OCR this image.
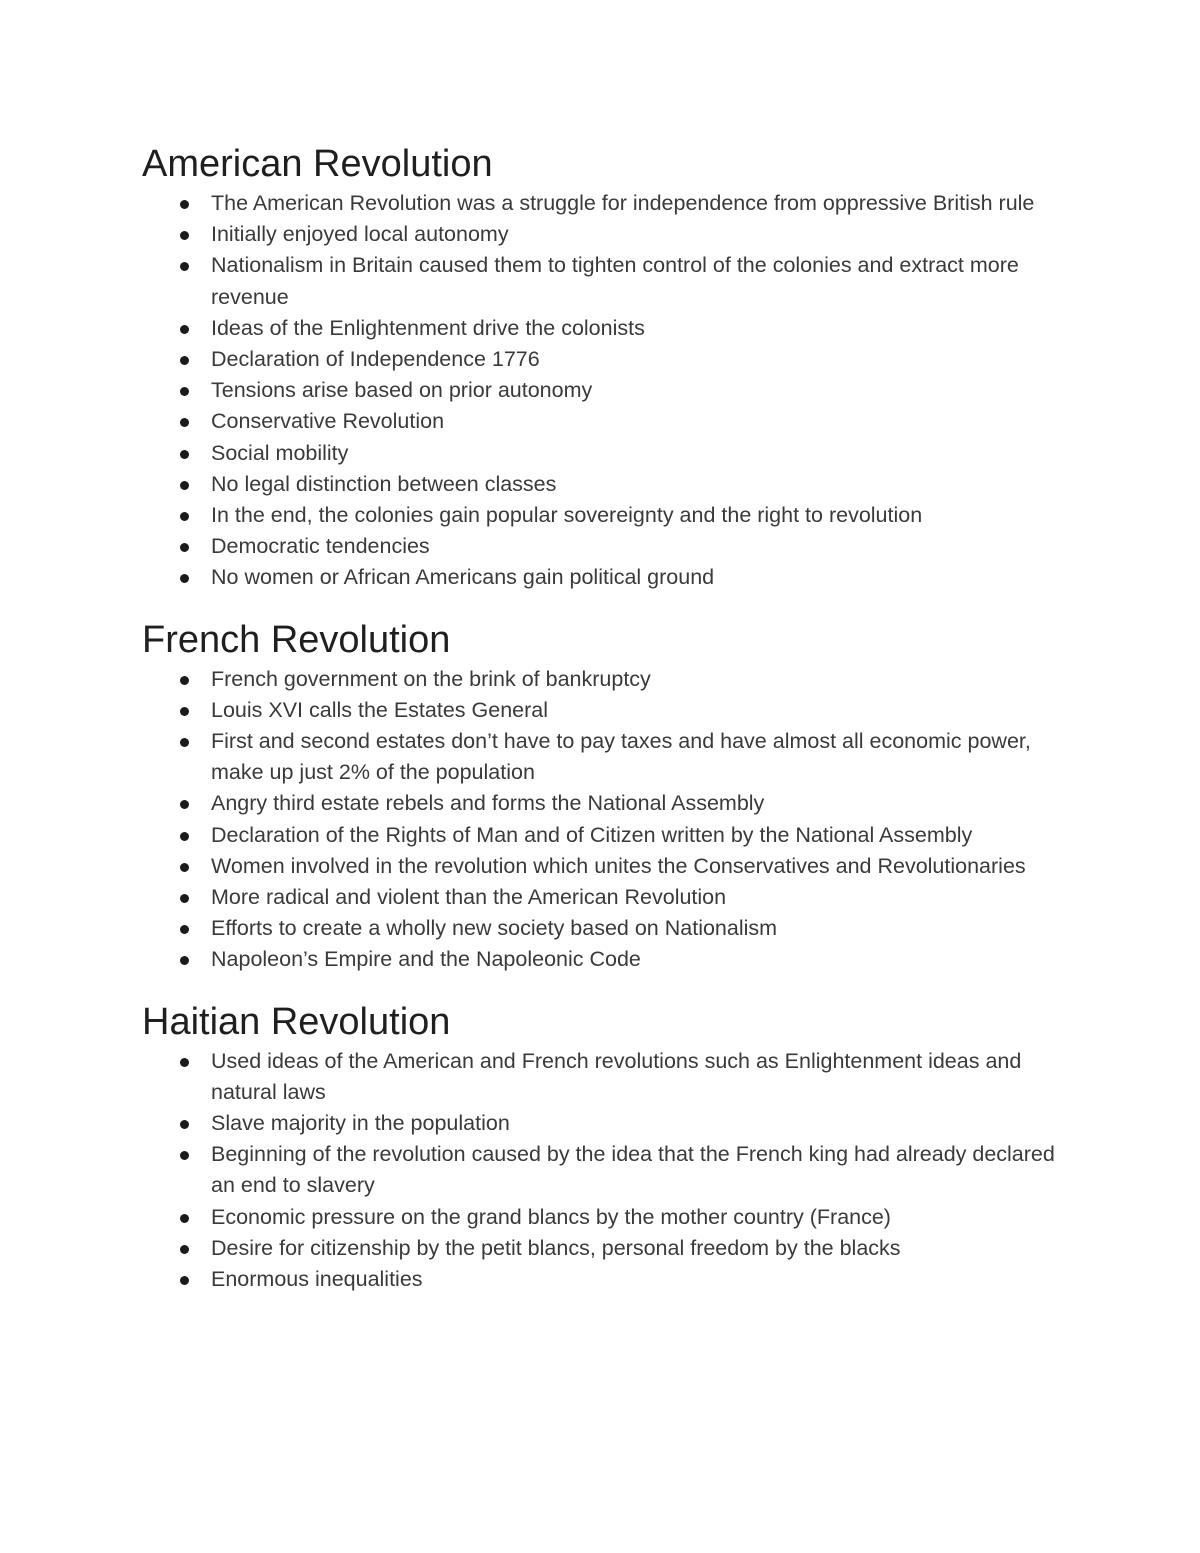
American Revolution
The American Revolution was a struggle for independence from oppressive British rule
Initially enjoyed local autonomy
Nationalism in Britain caused them to tighten control of the colonies and extract more revenue
Ideas of the Enlightenment drive the colonists
Declaration of Independence 1776
Tensions arise based on prior autonomy
Conservative Revolution
Social mobility
No legal distinction between classes
In the end, the colonies gain popular sovereignty and the right to revolution
Democratic tendencies
No women or African Americans gain political ground
French Revolution
French government on the brink of bankruptcy
Louis XVI calls the Estates General
First and second estates don’t have to pay taxes and have almost all economic power, make up just 2% of the population
Angry third estate rebels and forms the National Assembly
Declaration of the Rights of Man and of Citizen written by the National Assembly
Women involved in the revolution which unites the Conservatives and Revolutionaries
More radical and violent than the American Revolution
Efforts to create a wholly new society based on Nationalism
Napoleon’s Empire and the Napoleonic Code
Haitian Revolution
Used ideas of the American and French revolutions such as Enlightenment ideas and natural laws
Slave majority in the population
Beginning of the revolution caused by the idea that the French king had already declared an end to slavery
Economic pressure on the grand blancs by the mother country (France)
Desire for citizenship by the petit blancs, personal freedom by the blacks
Enormous inequalities
